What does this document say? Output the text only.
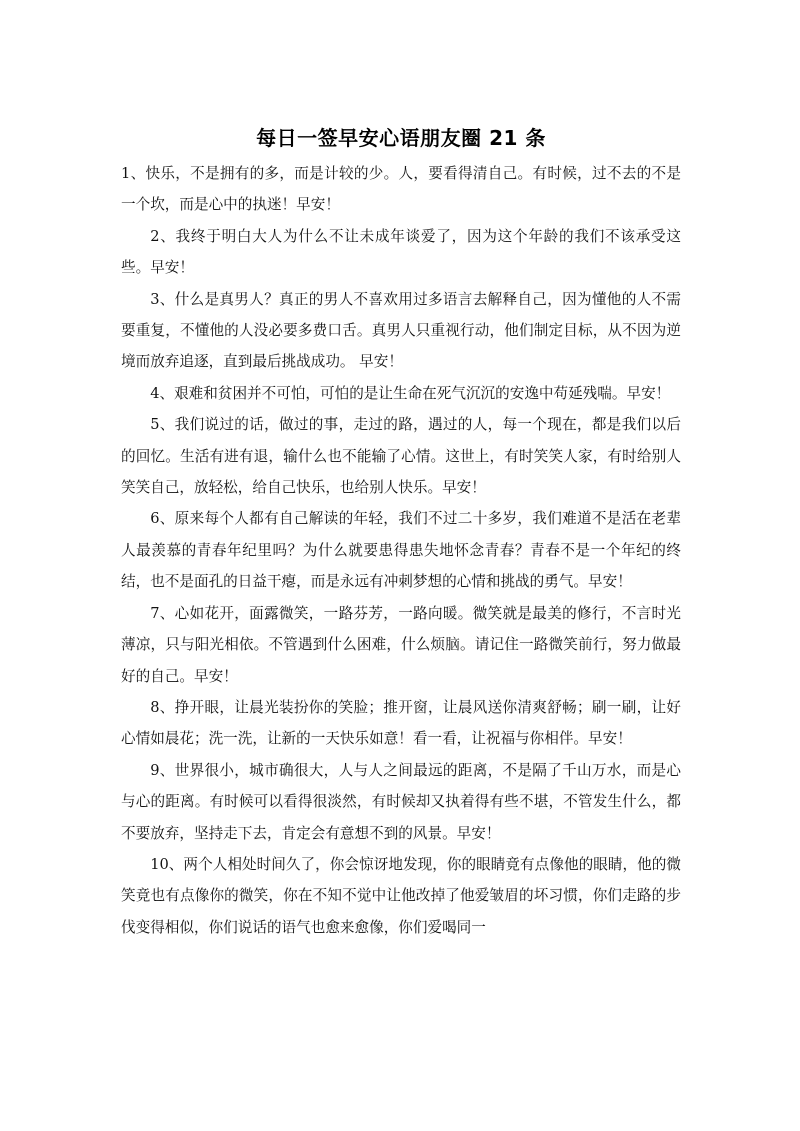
每日一签早安心语朋友圈 21 条

1、快乐，不是拥有的多，而是计较的少。人，要看得清自己。有时候，过不去的不是一个坎，而是心中的执迷！早安！

2、我终于明白大人为什么不让未成年谈爱了，因为这个年龄的我们不该承受这些。早安！

3、什么是真男人？真正的男人不喜欢用过多语言去解释自己，因为懂他的人不需要重复，不懂他的人没必要多费口舌。真男人只重视行动，他们制定目标，从不因为逆境而放弃追逐，直到最后挑战成功。 早安！

4、艰难和贫困并不可怕，可怕的是让生命在死气沉沉的安逸中苟延残喘。早安！

5、我们说过的话，做过的事，走过的路，遇过的人，每一个现在，都是我们以后的回忆。生活有进有退，输什么也不能输了心情。这世上，有时笑笑人家，有时给别人笑笑自己，放轻松，给自己快乐，也给别人快乐。早安！

6、原来每个人都有自己解读的年轻，我们不过二十多岁，我们难道不是活在老辈人最羡慕的青春年纪里吗？为什么就要患得患失地怀念青春？青春不是一个年纪的终结，也不是面孔的日益干瘪，而是永远有冲刺梦想的心情和挑战的勇气。早安！

7、心如花开，面露微笑，一路芬芳，一路向暖。微笑就是最美的修行，不言时光薄凉，只与阳光相依。不管遇到什么困难，什么烦脑。请记住一路微笑前行，努力做最好的自己。早安！

8、挣开眼，让晨光装扮你的笑脸；推开窗，让晨风送你清爽舒畅；刷一刷，让好心情如晨花；洗一洗，让新的一天快乐如意！看一看，让祝福与你相伴。早安！

9、世界很小，城市确很大，人与人之间最远的距离，不是隔了千山万水，而是心与心的距离。有时候可以看得很淡然，有时候却又执着得有些不堪，不管发生什么，都不要放弃，坚持走下去，肯定会有意想不到的风景。早安！

10、两个人相处时间久了，你会惊讶地发现，你的眼睛竟有点像他的眼睛，他的微笑竟也有点像你的微笑，你在不知不觉中让他改掉了他爱皱眉的坏习惯，你们走路的步伐变得相似，你们说话的语气也愈来愈像，你们爱喝同一
